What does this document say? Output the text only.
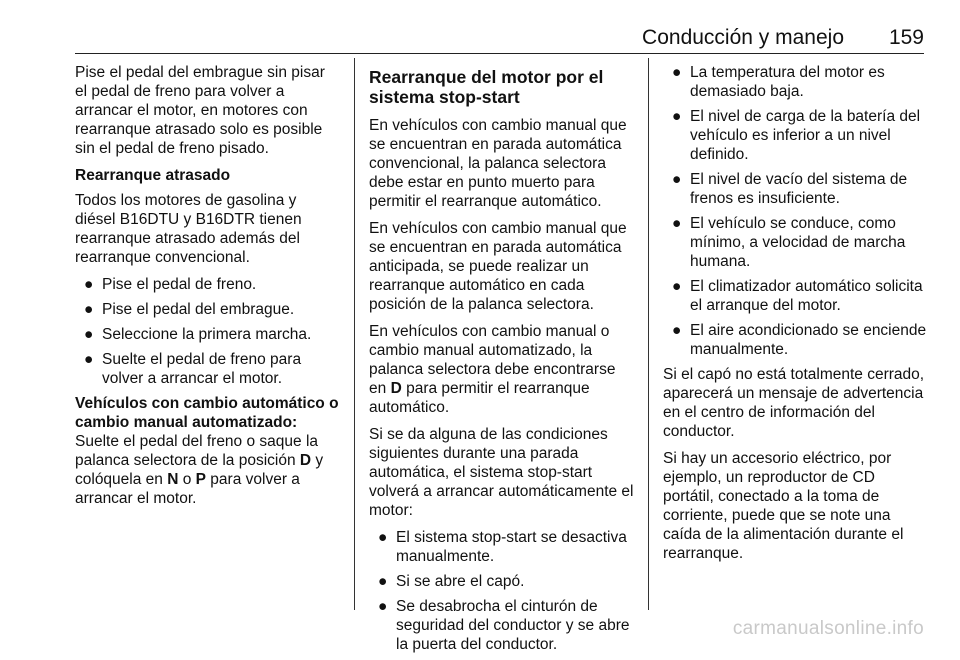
Conducción y manejo 159

Pise el pedal del embrague sin pisar el pedal de freno para volver a arrancar el motor, en motores con rearranque atrasado solo es posible sin el pedal de freno pisado.

Rearranque atrasado

Todos los motores de gasolina y diésel B16DTU y B16DTR tienen rearranque atrasado además del rearranque convencional.

● Pise el pedal de freno.
● Pise el pedal del embrague.
● Seleccione la primera marcha.
● Suelte el pedal de freno para volver a arrancar el motor.
Vehículos con cambio automático o cambio manual automatizado:

Suelte el pedal del freno o saque la palanca selectora de la posición D y colóquela en N o P para volver a arrancar el motor.

Rearranque del motor por el sistema stop-start

En vehículos con cambio manual que se encuentran en parada automática convencional, la palanca selectora debe estar en punto muerto para permitir el rearranque automático.

En vehículos con cambio manual que se encuentran en parada automática anticipada, se puede realizar un rearranque automático en cada posición de la palanca selectora.

En vehículos con cambio manual o cambio manual automatizado, la palanca selectora debe encontrarse en D para permitir el rearranque automático.

Si se da alguna de las condiciones siguientes durante una parada automática, el sistema stop-start volverá a arrancar automáticamente el motor:

● El sistema stop-start se desactiva manualmente.
● Si se abre el capó.
● Se desabrocha el cinturón de seguridad del conductor y se abre la puerta del conductor.
● La temperatura del motor es demasiado baja.
● El nivel de carga de la batería del vehículo es inferior a un nivel definido.
● El nivel de vacío del sistema de frenos es insuficiente.
● El vehículo se conduce, como mínimo, a velocidad de marcha humana.
● El climatizador automático solicita el arranque del motor.
● El aire acondicionado se enciende manualmente.

Si el capó no está totalmente cerrado, aparecerá un mensaje de advertencia en el centro de información del conductor.

Si hay un accesorio eléctrico, por ejemplo, un reproductor de CD portátil, conectado a la toma de corriente, puede que se note una caída de la alimentación durante el rearranque.

carmanualsonline.info
